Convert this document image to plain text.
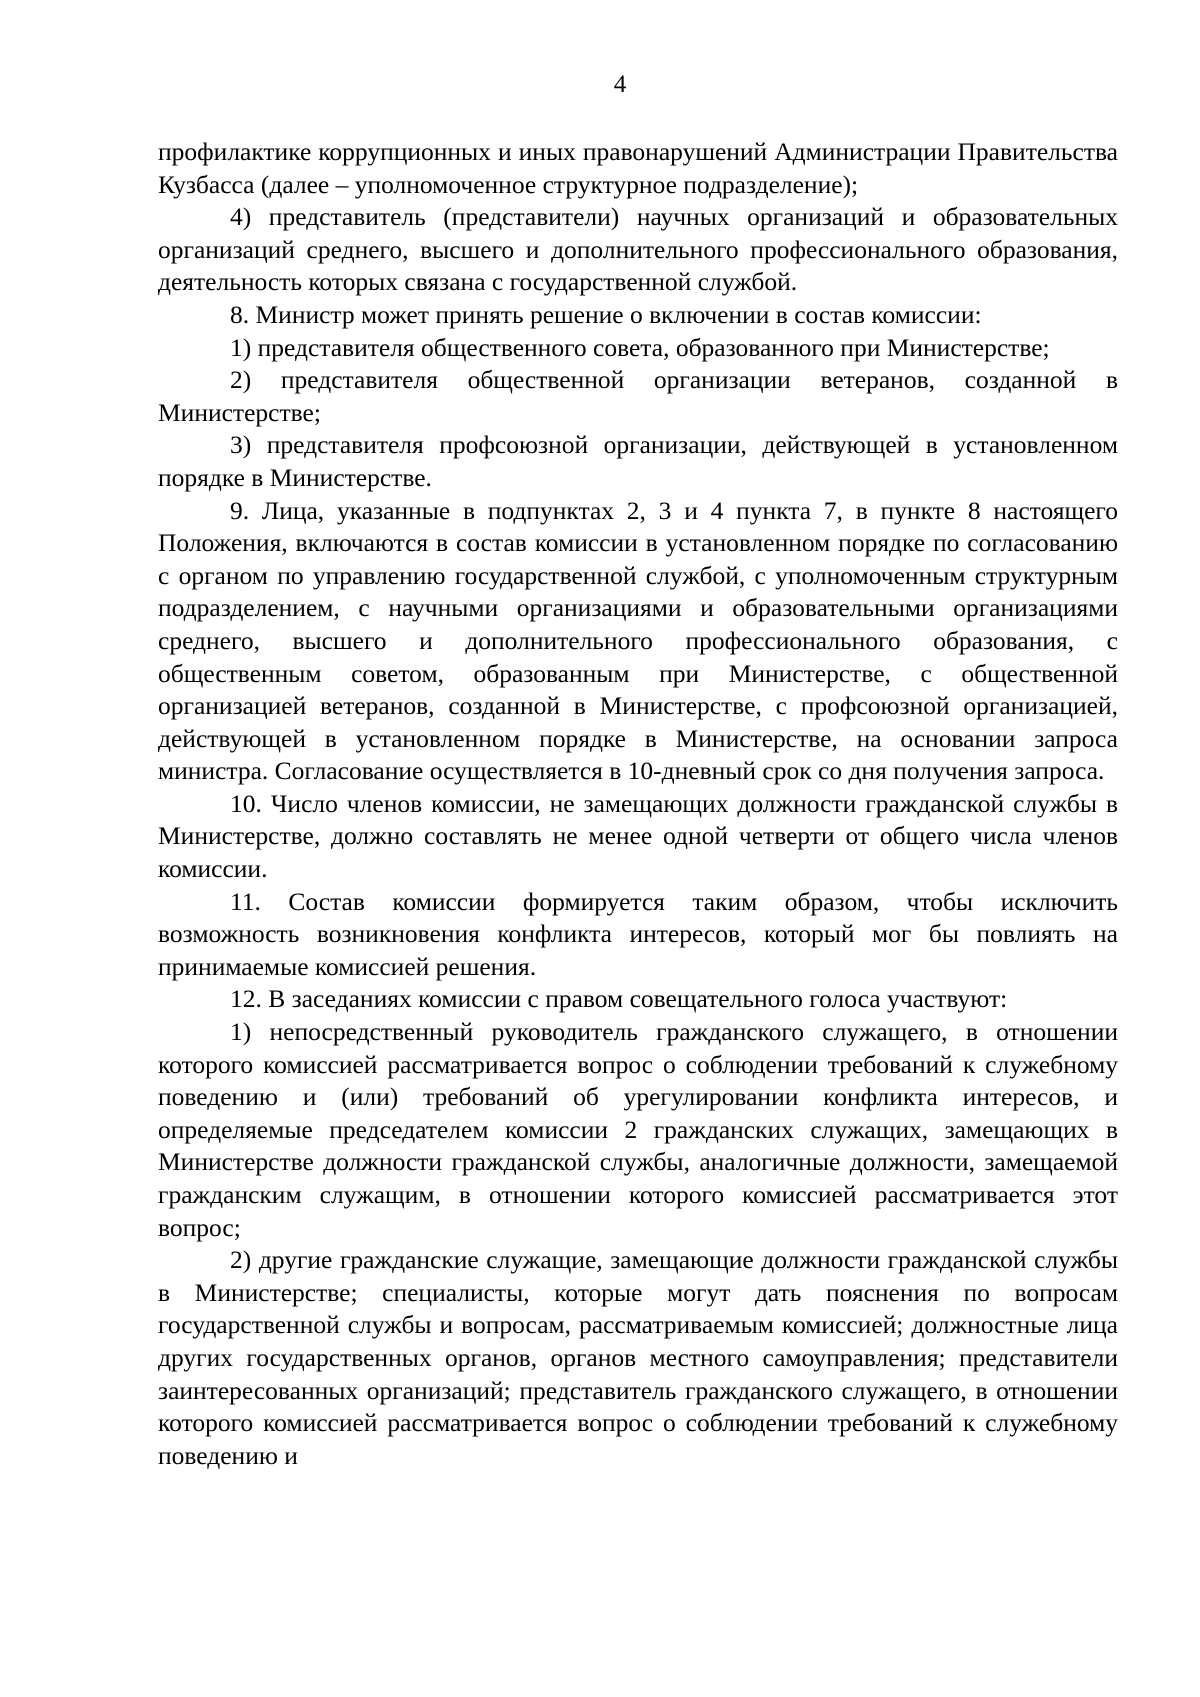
4

профилактике коррупционных и иных правонарушений Администрации Правительства Кузбасса (далее – уполномоченное структурное подразделение);

4) представитель (представители) научных организаций и образовательных организаций среднего, высшего и дополнительного профессионального образования, деятельность которых связана с государственной службой.

8. Министр может принять решение о включении в состав комиссии:

1) представителя общественного совета, образованного при Министерстве;

2) представителя общественной организации ветеранов, созданной в Министерстве;

3) представителя профсоюзной организации, действующей в установленном порядке в Министерстве.

9. Лица, указанные в подпунктах 2, 3 и 4 пункта 7, в пункте 8 настоящего Положения, включаются в состав комиссии в установленном порядке по согласованию с органом по управлению государственной службой, с уполномоченным структурным подразделением, с научными организациями и образовательными организациями среднего, высшего и дополнительного профессионального образования, с общественным советом, образованным при Министерстве, с общественной организацией ветеранов, созданной в Министерстве, с профсоюзной организацией, действующей в установленном порядке в Министерстве, на основании запроса министра. Согласование осуществляется в 10-дневный срок со дня получения запроса.

10. Число членов комиссии, не замещающих должности гражданской службы в Министерстве, должно составлять не менее одной четверти от общего числа членов комиссии.

11. Состав комиссии формируется таким образом, чтобы исключить возможность возникновения конфликта интересов, который мог бы повлиять на принимаемые комиссией решения.

12. В заседаниях комиссии с правом совещательного голоса участвуют:

1) непосредственный руководитель гражданского служащего, в отношении которого комиссией рассматривается вопрос о соблюдении требований к служебному поведению и (или) требований об урегулировании конфликта интересов, и определяемые председателем комиссии 2 гражданских служащих, замещающих в Министерстве должности гражданской службы, аналогичные должности, замещаемой гражданским служащим, в отношении которого комиссией рассматривается этот вопрос;

2) другие гражданские служащие, замещающие должности гражданской службы в Министерстве; специалисты, которые могут дать пояснения по вопросам государственной службы и вопросам, рассматриваемым комиссией; должностные лица других государственных органов, органов местного самоуправления; представители заинтересованных организаций; представитель гражданского служащего, в отношении которого комиссией рассматривается вопрос о соблюдении требований к служебному поведению и
